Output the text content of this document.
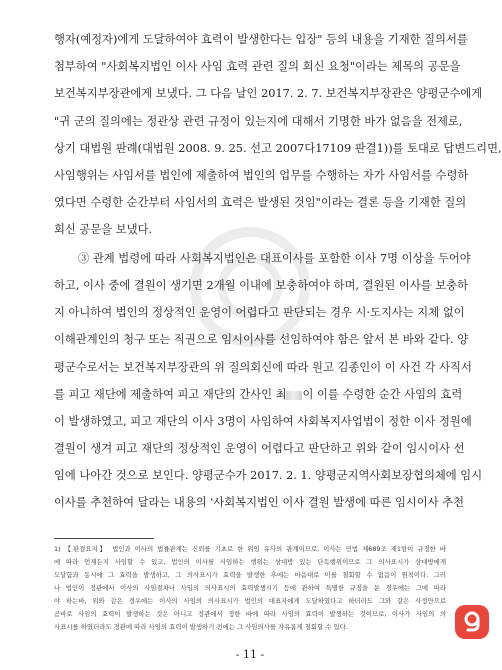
행자(예정자)에게 도달하여야 효력이 발생한다는 입장" 등의 내용을 기재한 질의서를
첨부하여 "사회복지법인 이사 사임 효력 관련 질의 회신 요청"이라는 제목의 공문을
보건복지부장관에게 보냈다. 그 다음 날인 2017. 2. 7. 보건복지부장관은 양평군수에게
"귀 군의 질의에는 정관상 관련 규정이 있는지에 대해서 기명한 바가 없음을 전제로,
상기 대법원 판례(대법원 2008. 9. 25. 선고 2007다17109 판결1))를 토대로 답변드리면,
사임행위는 사임서를 법인에 제출하여 법인의 업무를 수행하는 자가 사임서를 수령하
였다면 수령한 순간부터 사임서의 효력은 발생된 것임"이라는 결론 등을 기재한 질의
회신 공문을 보냈다.
③ 관계 법령에 따라 사회복지법인은 대표이사를 포함한 이사 7명 이상을 두어야
하고, 이사 중에 결원이 생기면 2개월 이내에 보충하여야 하며, 결원된 이사를 보충하
지 아니하여 법인의 정상적인 운영이 어렵다고 판단되는 경우 시·도지사는 지체 없이
이해관계인의 청구 또는 직권으로 임시이사를 선임하여야 함은 앞서 본 바와 같다. 양
평군수로서는 보건복지부장관의 위 질의회신에 따라 원고 김종인이 이 사건 각 사직서
를 피고 재단에 제출하여 피고 재단의 간사인 최 이 이를 수령한 순간 사임의 효력
이 발생하였고, 피고 재단의 이사 3명이 사임하여 사회복지사업법이 정한 이사 정원에
결원이 생겨 피고 재단의 정상적인 운영이 어렵다고 판단하고 위와 같이 임시이사 선
임에 나아간 것으로 보인다. 양평군수가 2017. 2. 1. 양평군지역사회보장협의체에 임시
이사를 추천하여 달라는 내용의 '사회복지법인 이사 결원 발생에 따른 임시이사 추천
1) 【판결요지】 법인과 이사의 법률관계는 신뢰를 기초로 한 위임 유사의 관계이므로, 이사는 민법 제689조 제1항이 규정한 바
에 따라 언제든지 사임할 수 있고, 법인의 이사를 사임하는 행위는 상대방 있는 단독행위이므로 그 의사표시가 상대방에게
도달함과 동시에 그 효력을 발생하고, 그 의사표시가 효력을 발생한 후에는 마음대로 이를 철회할 수 없음이 원칙이다. 그러
나 법인이 정관에서 이사의 사임절차나 사임의 의사표시의 효력발생시기 등에 관하여 특별한 규정을 둔 경우에는 그에 따라
야 하는바, 위와 같은 경우에는 이사의 사임의 의사표시가 법인의 대표자에게 도달하였다고 하더라도 그와 같은 사정만으로
곧바로 사임의 효력이 발생하는 것은 아니고 정관에서 정한 바에 따라 사임의 효력이 발생하는 것이므로, 이사가 사임의 의
사표시를 하였더라도 정관에 따라 사임의 효력이 발생하기 전에는 그 사임의사를 자유롭게 철회할 수 있다.
- 11 -
